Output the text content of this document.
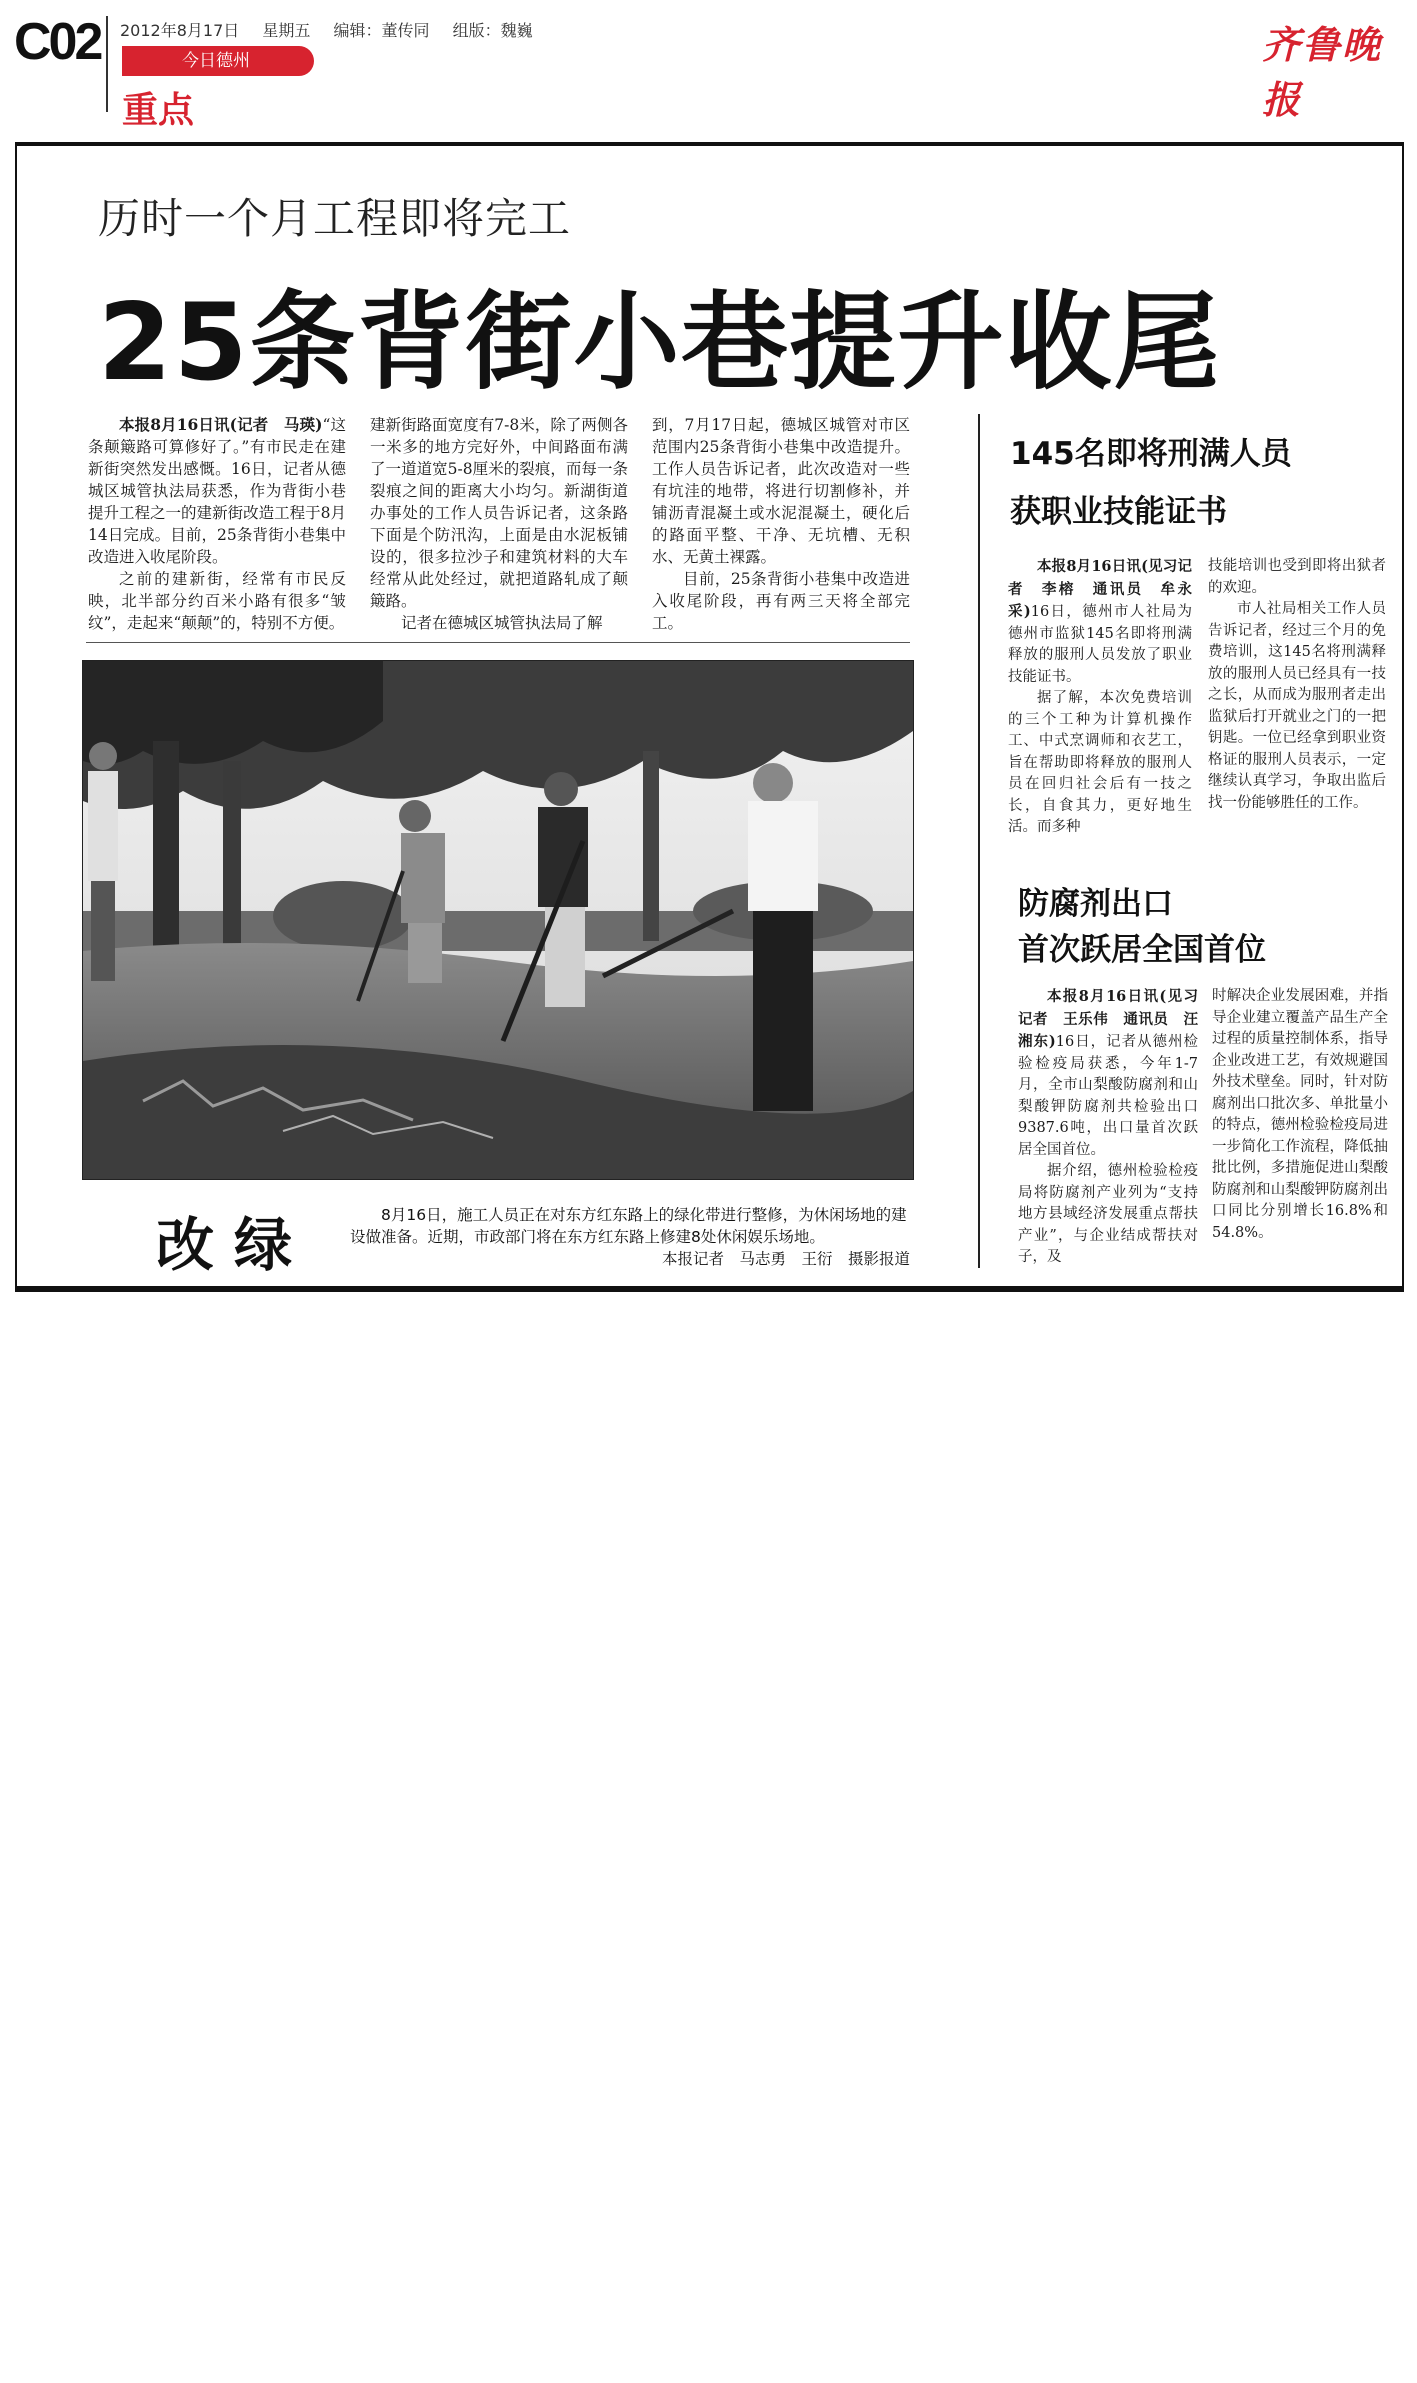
C02 2012年8月17日 星期五 编辑：董传同 组版：魏巍
今日德州
重点
齐鲁晚报
历时一个月工程即将完工
25条背街小巷提升收尾

本报8月16日讯(记者　马瑛)“这条颠簸路可算修好了。”有市民走在建新街突然发出感慨。16日，记者从德城区城管执法局获悉，作为背街小巷提升工程之一的建新街改造工程于8月14日完成。目前，25条背街小巷集中改造进入收尾阶段。

之前的建新街，经常有市民反映，北半部分约百米小路有很多“皱纹”，走起来“颠颠”的，特别不方便。

建新街路面宽度有7-8米，除了两侧各一米多的地方完好外，中间路面布满了一道道宽5-8厘米的裂痕，而每一条裂痕之间的距离大小均匀。新湖街道办事处的工作人员告诉记者，这条路下面是个防汛沟，上面是由水泥板铺设的，很多拉沙子和建筑材料的大车经常从此处经过，就把道路轧成了颠簸路。

记者在德城区城管执法局了解

到，7月17日起，德城区城管对市区范围内25条背街小巷集中改造提升。工作人员告诉记者，此次改造对一些有坑洼的地带，将进行切割修补，并铺沥青混凝土或水泥混凝土，硬化后的路面平整、干净、无坑槽、无积水、无黄土裸露。

目前，25条背街小巷集中改造进入收尾阶段，再有两三天将全部完工。

改绿	8月16日，施工人员正在对东方红东路上的绿化带进行整修，为休闲场地的建设做准备。近期，市政部门将在东方红东路上修建8处休闲娱乐场地。

本报记者　马志勇　王衍　摄影报道

145名即将刑满人员
获职业技能证书

本报8月16日讯(见习记者　李榕　通讯员　牟永采)16日，德州市人社局为德州市监狱145名即将刑满释放的服刑人员发放了职业技能证书。

据了解，本次免费培训的三个工种为计算机操作工、中式烹调师和衣艺工，旨在帮助即将释放的服刑人员在回归社会后有一技之长，自食其力，更好地生活。而多种

技能培训也受到即将出狱者的欢迎。

市人社局相关工作人员告诉记者，经过三个月的免费培训，这145名将刑满释放的服刑人员已经具有一技之长，从而成为服刑者走出监狱后打开就业之门的一把钥匙。一位已经拿到职业资格证的服刑人员表示，一定继续认真学习，争取出监后找一份能够胜任的工作。

防腐剂出口
首次跃居全国首位

本报8月16日讯(见习记者　王乐伟　通讯员　汪湘东)16日，记者从德州检验检疫局获悉，今年1-7月，全市山梨酸防腐剂和山梨酸钾防腐剂共检验出口9387.6吨，出口量首次跃居全国首位。

据介绍，德州检验检疫局将防腐剂产业列为“支持地方县域经济发展重点帮扶产业”，与企业结成帮扶对子，及

时解决企业发展困难，并指导企业建立覆盖产品生产全过程的质量控制体系，指导企业改进工艺，有效规避国外技术壁垒。同时，针对防腐剂出口批次多、单批量小的特点，德州检验检疫局进一步简化工作流程，降低抽批比例，多措施促进山梨酸防腐剂和山梨酸钾防腐剂出口同比分别增长16.8%和54.8%。
